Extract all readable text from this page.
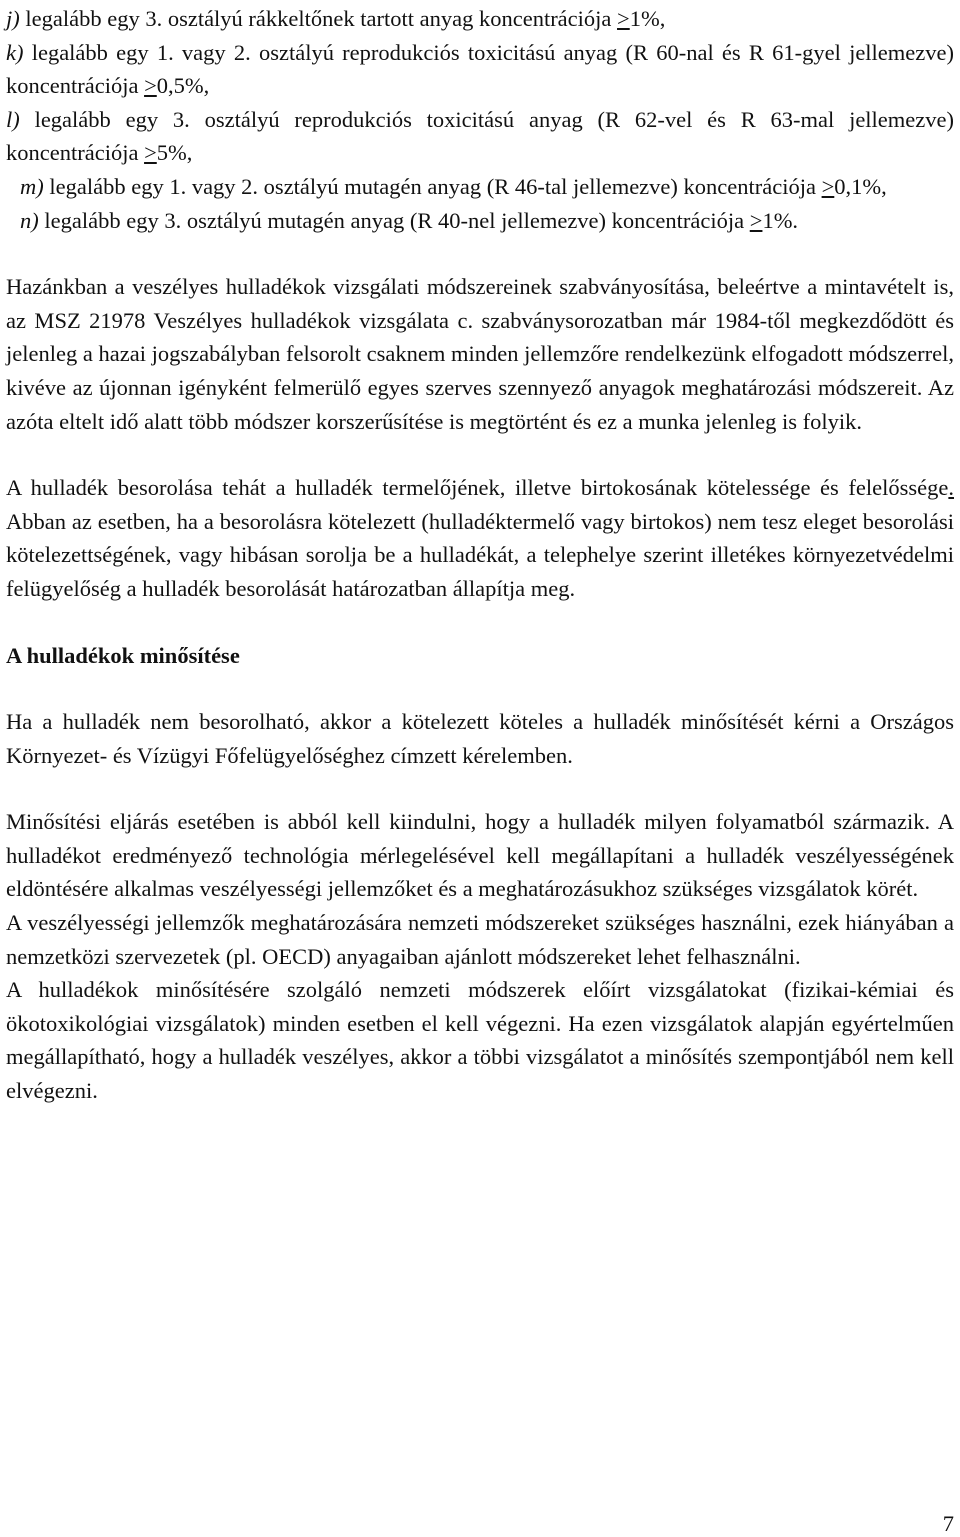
j) legalább egy 3. osztályú rákkeltőnek tartott anyag koncentrációja >1%,
k) legalább egy 1. vagy 2. osztályú reprodukciós toxicitású anyag (R 60-nal és R 61-gyel jellemezve) koncentrációja >0,5%,
l) legalább egy 3. osztályú reprodukciós toxicitású anyag (R 62-vel és R 63-mal jellemezve) koncentrációja >5%,
m) legalább egy 1. vagy 2. osztályú mutagén anyag (R 46-tal jellemezve) koncentrációja >0,1%,
n) legalább egy 3. osztályú mutagén anyag (R 40-nel jellemezve) koncentrációja >1%.

Hazánkban a veszélyes hulladékok vizsgálati módszereinek szabványosítása, beleértve a mintavételt is, az MSZ 21978 Veszélyes hulladékok vizsgálata c. szabványsorozatban már 1984-től megkezdődött és jelenleg a hazai jogszabályban felsorolt csaknem minden jellemzőre rendelkezünk elfogadott módszerrel, kivéve az újonnan igényként felmerülő egyes szerves szennyező anyagok meghatározási módszereit. Az azóta eltelt idő alatt több módszer korszerűsítése is megtörtént és ez a munka jelenleg is folyik.

A hulladék besorolása tehát a hulladék termelőjének, illetve birtokosának kötelessége és felelőssége. Abban az esetben, ha a besorolásra kötelezett (hulladéktermelő vagy birtokos) nem tesz eleget besorolási kötelezettségének, vagy hibásan sorolja be a hulladékát, a telephelye szerint illetékes környezetvédelmi felügyelőség a hulladék besorolását határozatban állapítja meg.

A hulladékok minősítése

Ha a hulladék nem besorolható, akkor a kötelezett köteles a hulladék minősítését kérni a Országos Környezet- és Vízügyi Főfelügyelőséghez címzett kérelemben.

Minősítési eljárás esetében is abból kell kiindulni, hogy a hulladék milyen folyamatból származik. A hulladékot eredményező technológia mérlegelésével kell megállapítani a hulladék veszélyességének eldöntésére alkalmas veszélyességi jellemzőket és a meghatározásukhoz szükséges vizsgálatok körét.

A veszélyességi jellemzők meghatározására nemzeti módszereket szükséges használni, ezek hiányában a nemzetközi szervezetek (pl. OECD) anyagaiban ajánlott módszereket lehet felhasználni.

A hulladékok minősítésére szolgáló nemzeti módszerek előírt vizsgálatokat (fizikai-kémiai és ökotoxikológiai vizsgálatok) minden esetben el kell végezni. Ha ezen vizsgálatok alapján egyértelműen megállapítható, hogy a hulladék veszélyes, akkor a többi vizsgálatot a minősítés szempontjából nem kell elvégezni.

7
